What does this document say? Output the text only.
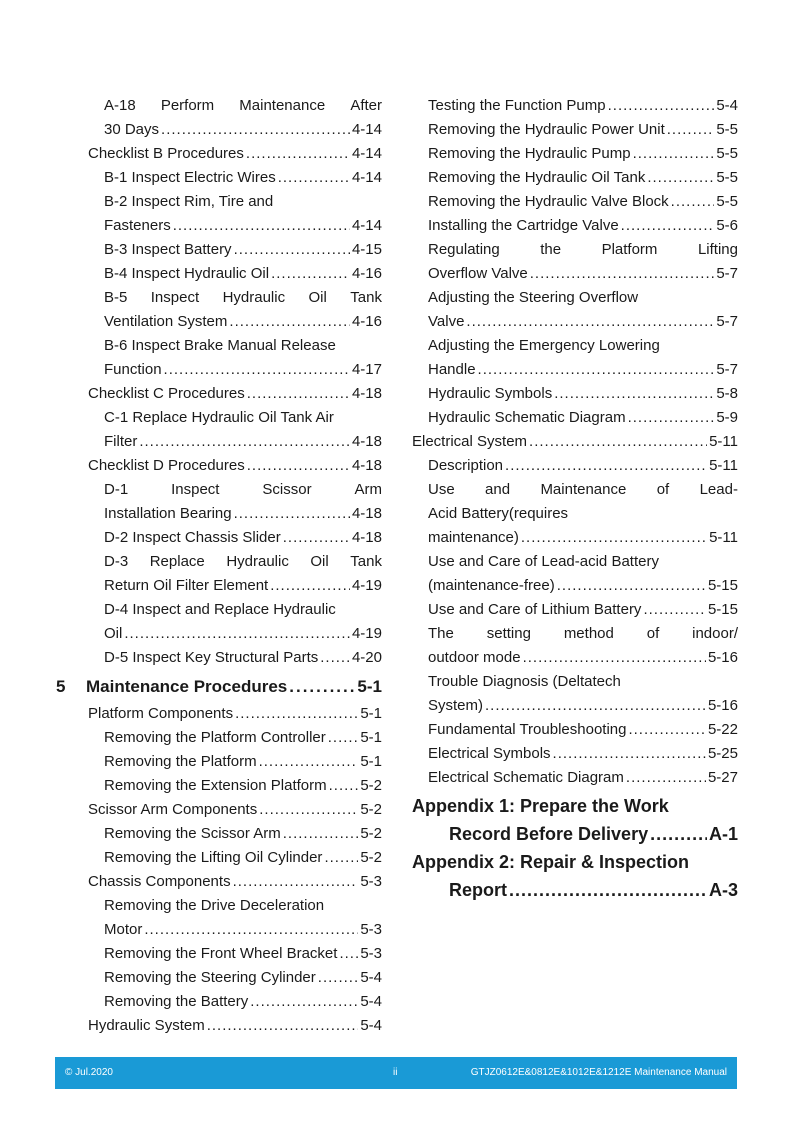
A-18 Perform Maintenance After
30 Days .....	4-14
Checklist B Procedures .....	4-14
B-1 Inspect Electric Wires .....	4-14
B-2 Inspect Rim, Tire and
Fasteners .....	4-14
B-3 Inspect Battery .....	4-15
B-4 Inspect Hydraulic Oil .....	4-16
B-5 Inspect Hydraulic Oil Tank
Ventilation System .....	4-16
B-6 Inspect Brake Manual Release
Function .....	4-17
Checklist C Procedures .....	4-18
C-1 Replace Hydraulic Oil Tank Air
Filter .....	4-18
Checklist D Procedures .....	4-18
D-1	Inspect	Scissor	Arm
Installation Bearing .....	4-18
D-2 Inspect Chassis Slider .....	4-18
D-3 Replace Hydraulic Oil Tank
Return Oil Filter Element .....	4-19
D-4 Inspect and Replace Hydraulic
Oil .....	4-19
D-5 Inspect Key Structural Parts ..... 4-20
5 Maintenance Procedures .....	5-1
Platform Components .....	5-1
Removing the Platform Controller ..... 5-1
Removing the Platform .....	5-1
Removing the Extension Platform ..... 5-2
Scissor Arm Components .....	5-2
Removing the Scissor Arm .....	5-2
Removing the Lifting Oil Cylinder .....	5-2
Chassis Components .....	5-3
Removing the Drive Deceleration
Motor .....	5-3
Removing the Front Wheel Bracket ..... 5-3
Removing the Steering Cylinder .....	5-4
Removing the Battery .....	5-4
Hydraulic System .....	5-4
Testing the Function Pump .....	5-4
Removing the Hydraulic Power Unit .....	5-5
Removing the Hydraulic Pump .....	5-5
Removing the Hydraulic Oil Tank .....	5-5
Removing the Hydraulic Valve Block .....	5-5
Installing the Cartridge Valve .....	5-6
Regulating	the	Platform	Lifting
Overflow Valve .....	5-7
Adjusting the Steering Overflow
Valve .....	5-7
Adjusting the Emergency Lowering
Handle .....	5-7
Hydraulic Symbols .....	5-8
Hydraulic Schematic Diagram .....	5-9
Electrical System .....	5-11
Description .....	5-11
Use and Maintenance of Lead-
Acid Battery(requires
maintenance) .....	5-11
Use and Care of Lead-acid Battery
(maintenance-free) .....	5-15
Use and Care of Lithium Battery .....	5-15
The setting method of indoor/
outdoor mode .....	5-16
Trouble Diagnosis (Deltatech
System) .....	5-16
Fundamental Troubleshooting .....	5-22
Electrical Symbols .....	5-25
Electrical Schematic Diagram .....	5-27
Appendix 1: Prepare the Work
Record Before Delivery .....	A-1
Appendix 2: Repair & Inspection
Report .....	A-3
© Jul.2020	ii	GTJZ0612E&0812E&1012E&1212E Maintenance Manual
